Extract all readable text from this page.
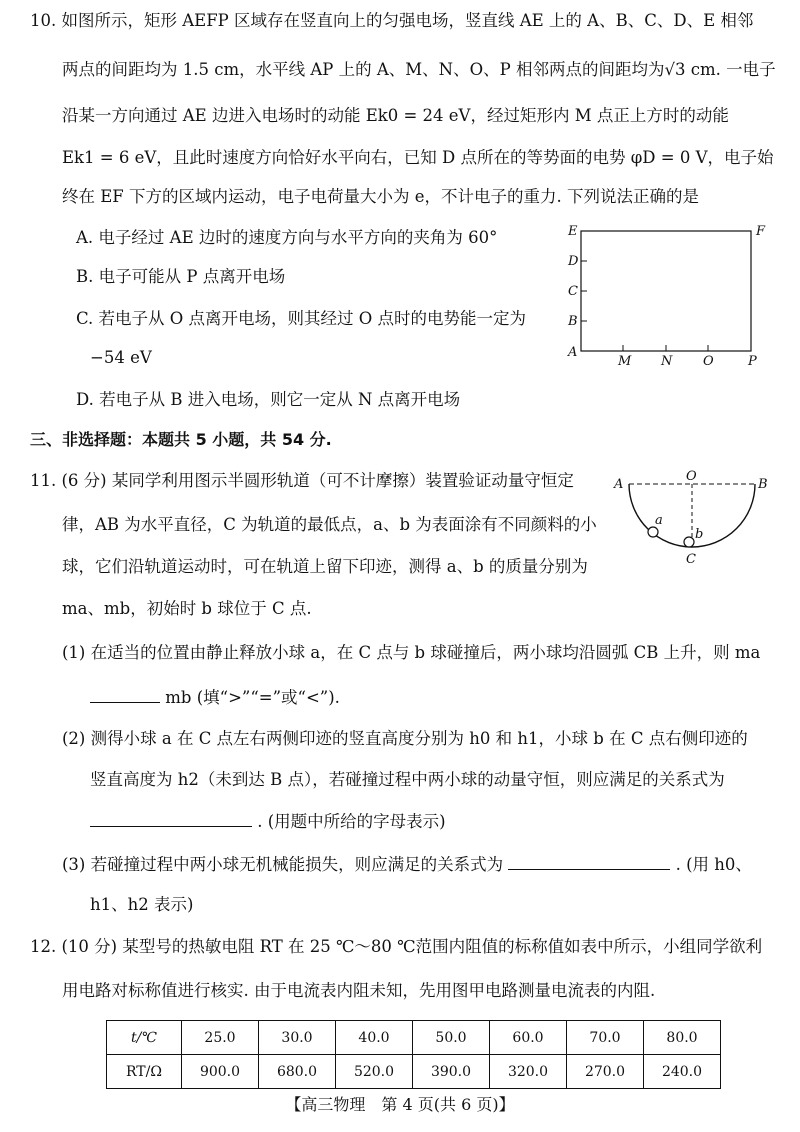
10. 如图所示，矩形 AEFP 区域存在竖直向上的匀强电场，竖直线 AE 上的 A、B、C、D、E 相邻
两点的间距均为 1.5 cm，水平线 AP 上的 A、M、N、O、P 相邻两点的间距均为√3 cm. 一电子
沿某一方向通过 AE 边进入电场时的动能 Ek0 = 24 eV，经过矩形内 M 点正上方时的动能
Ek1 = 6 eV，且此时速度方向恰好水平向右，已知 D 点所在的等势面的电势 φD = 0 V，电子始
终在 EF 下方的区域内运动，电子电荷量大小为 e，不计电子的重力. 下列说法正确的是
A. 电子经过 AE 边时的速度方向与水平方向的夹角为 60°
B. 电子可能从 P 点离开电场
C. 若电子从 O 点离开电场，则其经过 O 点时的电势能一定为
−54 eV
D. 若电子从 B 进入电场，则它一定从 N 点离开电场
E	F
D
C
B
A
M N O	P
三、非选择题：本题共 5 小题，共 54 分.
11. (6 分) 某同学利用图示半圆形轨道（可不计摩擦）装置验证动量守恒定
律，AB 为水平直径，C 为轨道的最低点，a、b 为表面涂有不同颜料的小
球，它们沿轨道运动时，可在轨道上留下印迹，测得 a、b 的质量分别为
ma、mb，初始时 b 球位于 C 点.
A
O
B
a
b
C
(1) 在适当的位置由静止释放小球 a，在 C 点与 b 球碰撞后，两小球均沿圆弧 CB 上升，则 ma
mb (填“>”“=”或“<”).
(2) 测得小球 a 在 C 点左右两侧印迹的竖直高度分别为 h0 和 h1，小球 b 在 C 点右侧印迹的
竖直高度为 h2（未到达 B 点），若碰撞过程中两小球的动量守恒，则应满足的关系式为
. (用题中所给的字母表示)
(3) 若碰撞过程中两小球无机械能损失，则应满足的关系式为	. (用 h0、
h1、h2 表示)
12. (10 分) 某型号的热敏电阻 RT 在 25 ℃～80 ℃范围内阻值的标称值如表中所示，小组同学欲利
用电路对标称值进行核实. 由于电流表内阻未知，先用图甲电路测量电流表的内阻.
t/℃	25.0	30.0	40.0	50.0	60.0	70.0	80.0
RT/Ω	900.0	680.0	520.0	390.0	320.0	270.0	240.0
【高三物理　第 4 页(共 6 页)】
